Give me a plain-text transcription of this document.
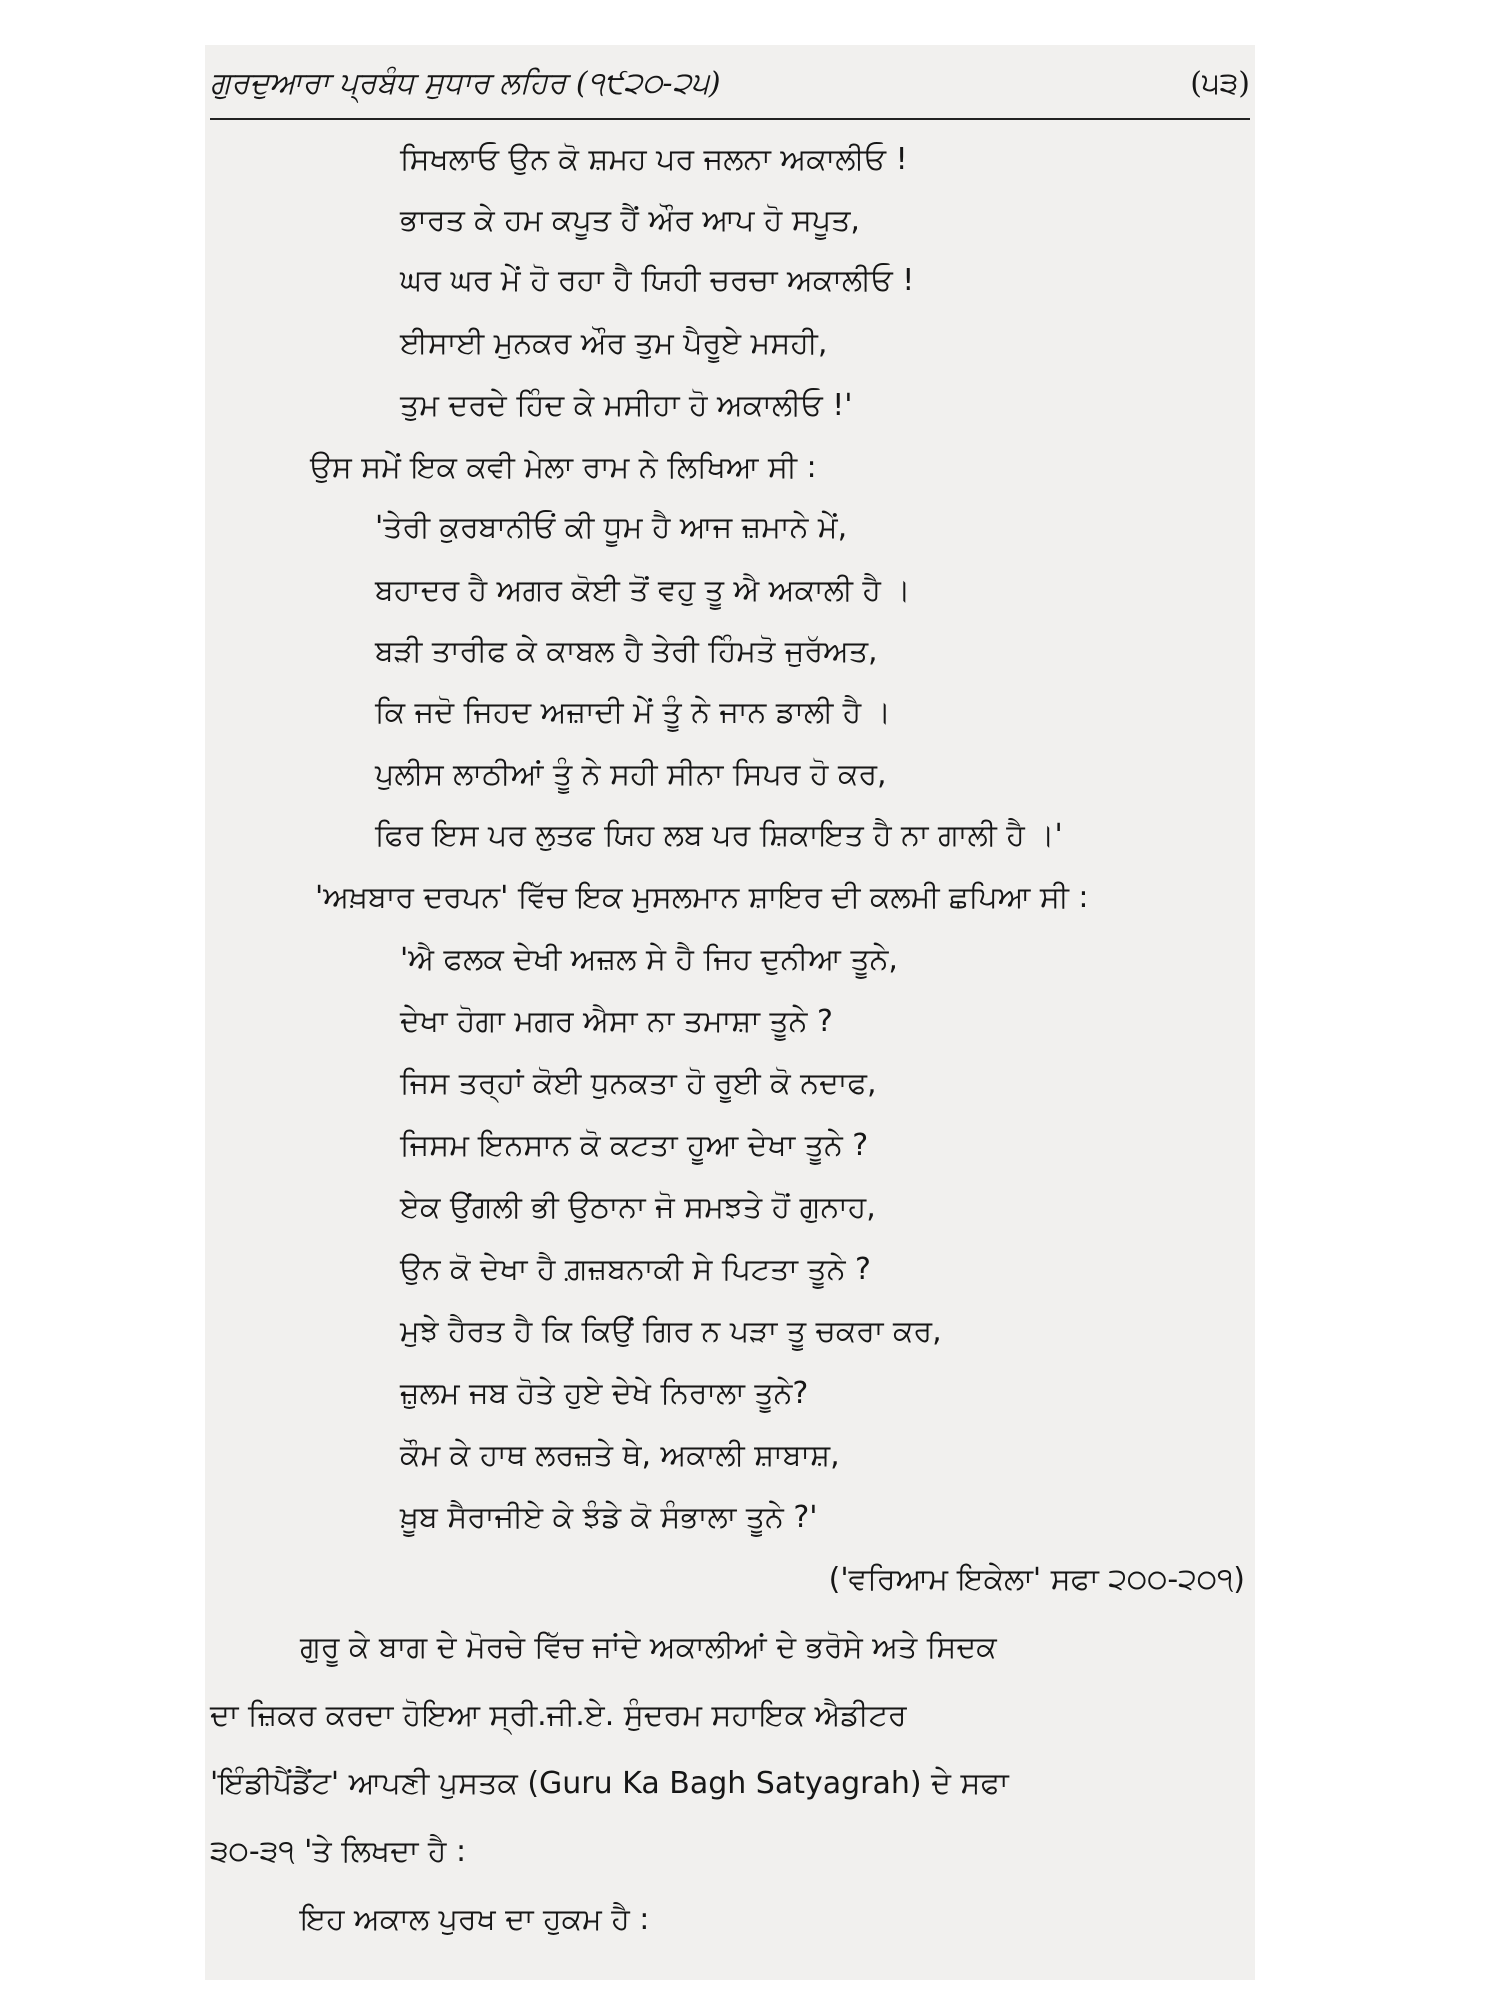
ਗੁਰਦੁਆਰਾ ਪ੍ਰਬੰਧ ਸੁਧਾਰ ਲਹਿਰ (੧੯੨੦-੨੫)	(੫੩)
ਸਿਖਲਾਓ ਉਨ ਕੋ ਸ਼ਮਹ ਪਰ ਜਲਨਾ ਅਕਾਲੀਓ !
ਭਾਰਤ ਕੇ ਹਮ ਕਪੂਤ ਹੈਂ ਔਰ ਆਪ ਹੋ ਸਪੂਤ,
ਘਰ ਘਰ ਮੇਂ ਹੋ ਰਹਾ ਹੈ ਯਿਹੀ ਚਰਚਾ ਅਕਾਲੀਓ !
ਈਸਾਈ ਮੁਨਕਰ ਔਰ ਤੁਮ ਪੈਰੂਏ ਮਸਹੀ,
ਤੁਮ ਦਰਦੇ ਹਿੰਦ ਕੇ ਮਸੀਹਾ ਹੋ ਅਕਾਲੀਓ !'
ਉਸ ਸਮੇਂ ਇਕ ਕਵੀ ਮੇਲਾ ਰਾਮ ਨੇ ਲਿਖਿਆ ਸੀ :
'ਤੇਰੀ ਕੁਰਬਾਨੀਓਂ ਕੀ ਧੂਮ ਹੈ ਆਜ ਜ਼ਮਾਨੇ ਮੇਂ,
ਬਹਾਦਰ ਹੈ ਅਗਰ ਕੋਈ ਤੋਂ ਵਹੁ ਤੂ ਐ ਅਕਾਲੀ ਹੈ ।
ਬੜੀ ਤਾਰੀਫ ਕੇ ਕਾਬਲ ਹੈ ਤੇਰੀ ਹਿੰਮਤੋ ਜੁਰੱਅਤ,
ਕਿ ਜਦੋ ਜਿਹਦ ਅਜ਼ਾਦੀ ਮੇਂ ਤੂੰ ਨੇ ਜਾਨ ਡਾਲੀ ਹੈ ।
ਪੁਲੀਸ ਲਾਠੀਆਂ ਤੂੰ ਨੇ ਸਹੀ ਸੀਨਾ ਸਿਪਰ ਹੋ ਕਰ,
ਫਿਰ ਇਸ ਪਰ ਲੁਤਫ ਯਿਹ ਲਬ ਪਰ ਸ਼ਿਕਾਇਤ ਹੈ ਨਾ ਗਾਲੀ ਹੈ ।'
'ਅਖ਼ਬਾਰ ਦਰਪਨ' ਵਿੱਚ ਇਕ ਮੁਸਲਮਾਨ ਸ਼ਾਇਰ ਦੀ ਕਲਮੀ ਛਪਿਆ ਸੀ :
'ਐ ਫਲਕ ਦੇਖੀ ਅਜ਼ਲ ਸੇ ਹੈ ਜਿਹ ਦੁਨੀਆ ਤੂਨੇ,
ਦੇਖਾ ਹੋਗਾ ਮਗਰ ਐਸਾ ਨਾ ਤਮਾਸ਼ਾ ਤੂਨੇ ?
ਜਿਸ ਤਰ੍ਹਾਂ ਕੋਈ ਧੁਨਕਤਾ ਹੋ ਰੂਈ ਕੋ ਨਦਾਫ,
ਜਿਸਮ ਇਨਸਾਨ ਕੋ ਕਟਤਾ ਹੂਆ ਦੇਖਾ ਤੂਨੇ ?
ਏਕ ਉਂਗਲੀ ਭੀ ਉਠਾਨਾ ਜੋ ਸਮਝਤੇ ਹੋਂ ਗੁਨਾਹ,
ਉਨ ਕੋ ਦੇਖਾ ਹੈ ਗ਼ਜ਼ਬਨਾਕੀ ਸੇ ਪਿਟਤਾ ਤੂਨੇ ?
ਮੁਝੇ ਹੈਰਤ ਹੈ ਕਿ ਕਿਉਂ ਗਿਰ ਨ ਪੜਾ ਤੂ ਚਕਰਾ ਕਰ,
ਜ਼ੁਲਮ ਜਬ ਹੋਤੇ ਹੁਏ ਦੇਖੇ ਨਿਰਾਲਾ ਤੂਨੇ?
ਕੌਮ ਕੇ ਹਾਥ ਲਰਜ਼ਤੇ ਥੇ, ਅਕਾਲੀ ਸ਼ਾਬਾਸ਼,
ਖ਼ੂਬ ਸੈਰਾਜੀਏ ਕੇ ਝੰਡੇ ਕੋ ਸੰਭਾਲਾ ਤੂਨੇ ?'
('ਵਰਿਆਮ ਇਕੇਲਾ' ਸਫਾ ੨੦੦-੨੦੧)
ਗੁਰੂ ਕੇ ਬਾਗ ਦੇ ਮੋਰਚੇ ਵਿੱਚ ਜਾਂਦੇ ਅਕਾਲੀਆਂ ਦੇ ਭਰੋਸੇ ਅਤੇ ਸਿਦਕ
ਦਾ ਜ਼ਿਕਰ ਕਰਦਾ ਹੋਇਆ ਸ੍ਰੀ.ਜੀ.ਏ. ਸੁੰਦਰਮ ਸਹਾਇਕ ਐਡੀਟਰ
'ਇੰਡੀਪੈਂਡੈਂਟ' ਆਪਣੀ ਪੁਸਤਕ (Guru Ka Bagh Satyagrah) ਦੇ ਸਫਾ
੩੦-੩੧ 'ਤੇ ਲਿਖਦਾ ਹੈ :
ਇਹ ਅਕਾਲ ਪੁਰਖ ਦਾ ਹੁਕਮ ਹੈ :
